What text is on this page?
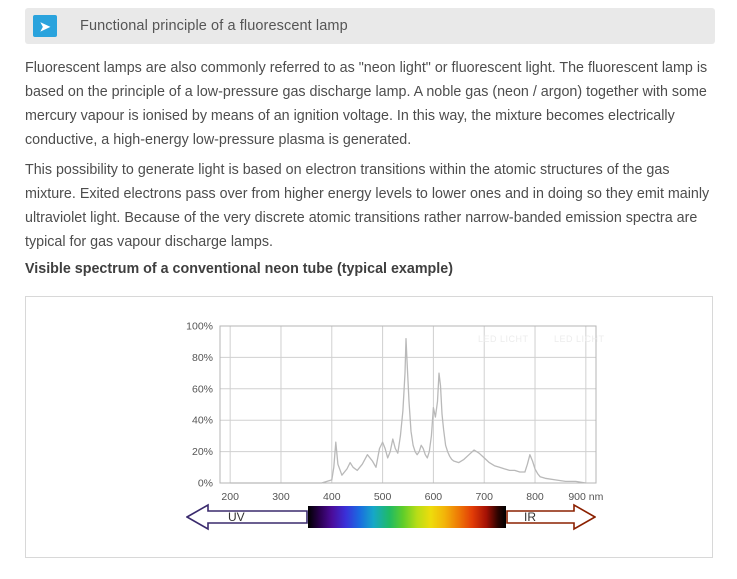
➤	Functional principle of a fluorescent lamp
Fluorescent lamps are also commonly referred to as "neon light" or fluorescent light. The fluorescent lamp is based on the principle of a low-pressure gas discharge lamp. A noble gas (neon / argon) together with some mercury vapour is ionised by means of an ignition voltage. In this way, the mixture becomes electrically conductive, a high-energy low-pressure plasma is generated.
This possibility to generate light is based on electron transitions within the atomic structures of the gas mixture. Exited electrons pass over from higher energy levels to lower ones and in doing so they emit mainly ultraviolet light. Because of the very discrete atomic transitions rather narrow-banded emission spectra are typical for gas vapour discharge lamps.
Visible spectrum of a conventional neon tube (typical example)
0%
20%
40%
60%
80%
100%
200	300	400	500	600	700	800 900 nm
LED LICHT	LED LICHT
UV	IR
